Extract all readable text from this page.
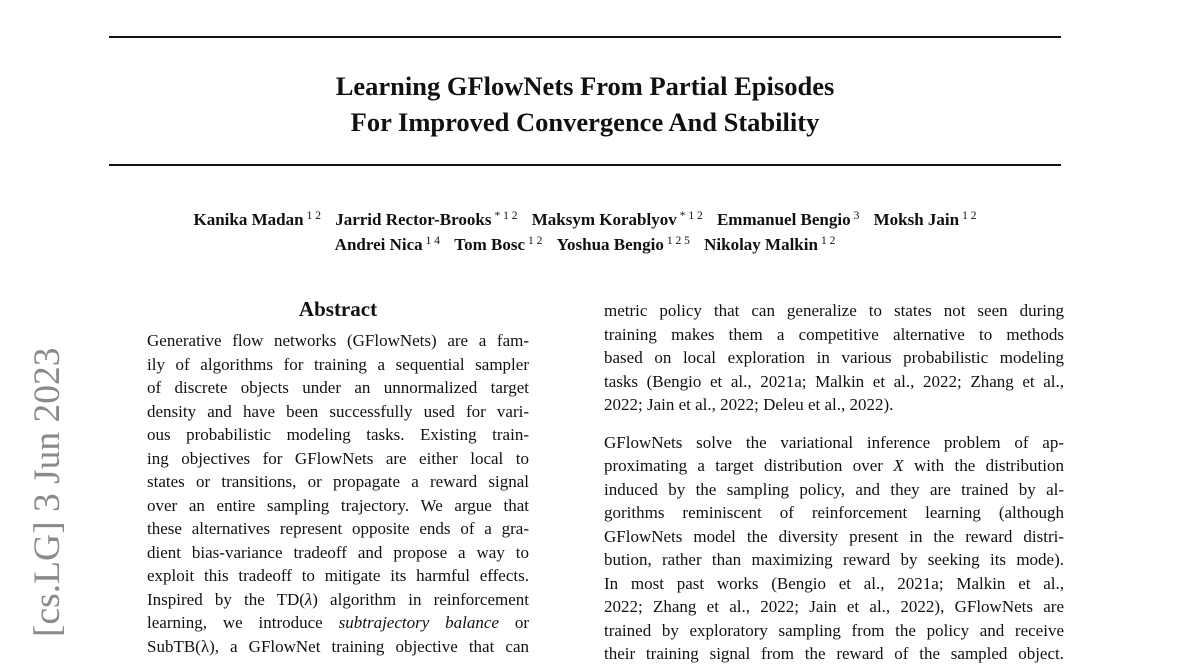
Learning GFlowNets From Partial Episodes
For Improved Convergence And Stability
Kanika Madan $^{1 2}$ Jarrid Rector-Brooks $^{* 1 2}$ Maksym Korablyov $^{* 1 2}$ Emmanuel Bengio $^3$ Moksh Jain $^{1 2}$
Andrei Nica $^{1 4}$ Tom Bosc $^{1 2}$ Yoshua Bengio $^{1 2 5}$ Nikolay Malkin $^{1 2}$
[cs.LG] 3 Jun 2023
Abstract
Generative flow networks (GFlowNets) are a fam-
ily of algorithms for training a sequential sampler
of discrete objects under an unnormalized target
density and have been successfully used for vari-
ous probabilistic modeling tasks. Existing train-
ing objectives for GFlowNets are either local to
states or transitions, or propagate a reward signal
over an entire sampling trajectory. We argue that
these alternatives represent opposite ends of a gra-
dient bias-variance tradeoff and propose a way to
exploit this tradeoff to mitigate its harmful effects.
Inspired by the TD(λ) algorithm in reinforcement
learning, we introduce subtrajectory balance or
SubTB(λ), a GFlowNet training objective that can
metric policy that can generalize to states not seen during
training makes them a competitive alternative to methods
based on local exploration in various probabilistic modeling
tasks (Bengio et al., 2021a; Malkin et al., 2022; Zhang et al.,
2022; Jain et al., 2022; Deleu et al., 2022).
GFlowNets solve the variational inference problem of ap-
proximating a target distribution over X with the distribution
induced by the sampling policy, and they are trained by al-
gorithms reminiscent of reinforcement learning (although
GFlowNets model the diversity present in the reward distri-
bution, rather than maximizing reward by seeking its mode).
In most past works (Bengio et al., 2021a; Malkin et al.,
2022; Zhang et al., 2022; Jain et al., 2022), GFlowNets are
trained by exploratory sampling from the policy and receive
their training signal from the reward of the sampled object.
